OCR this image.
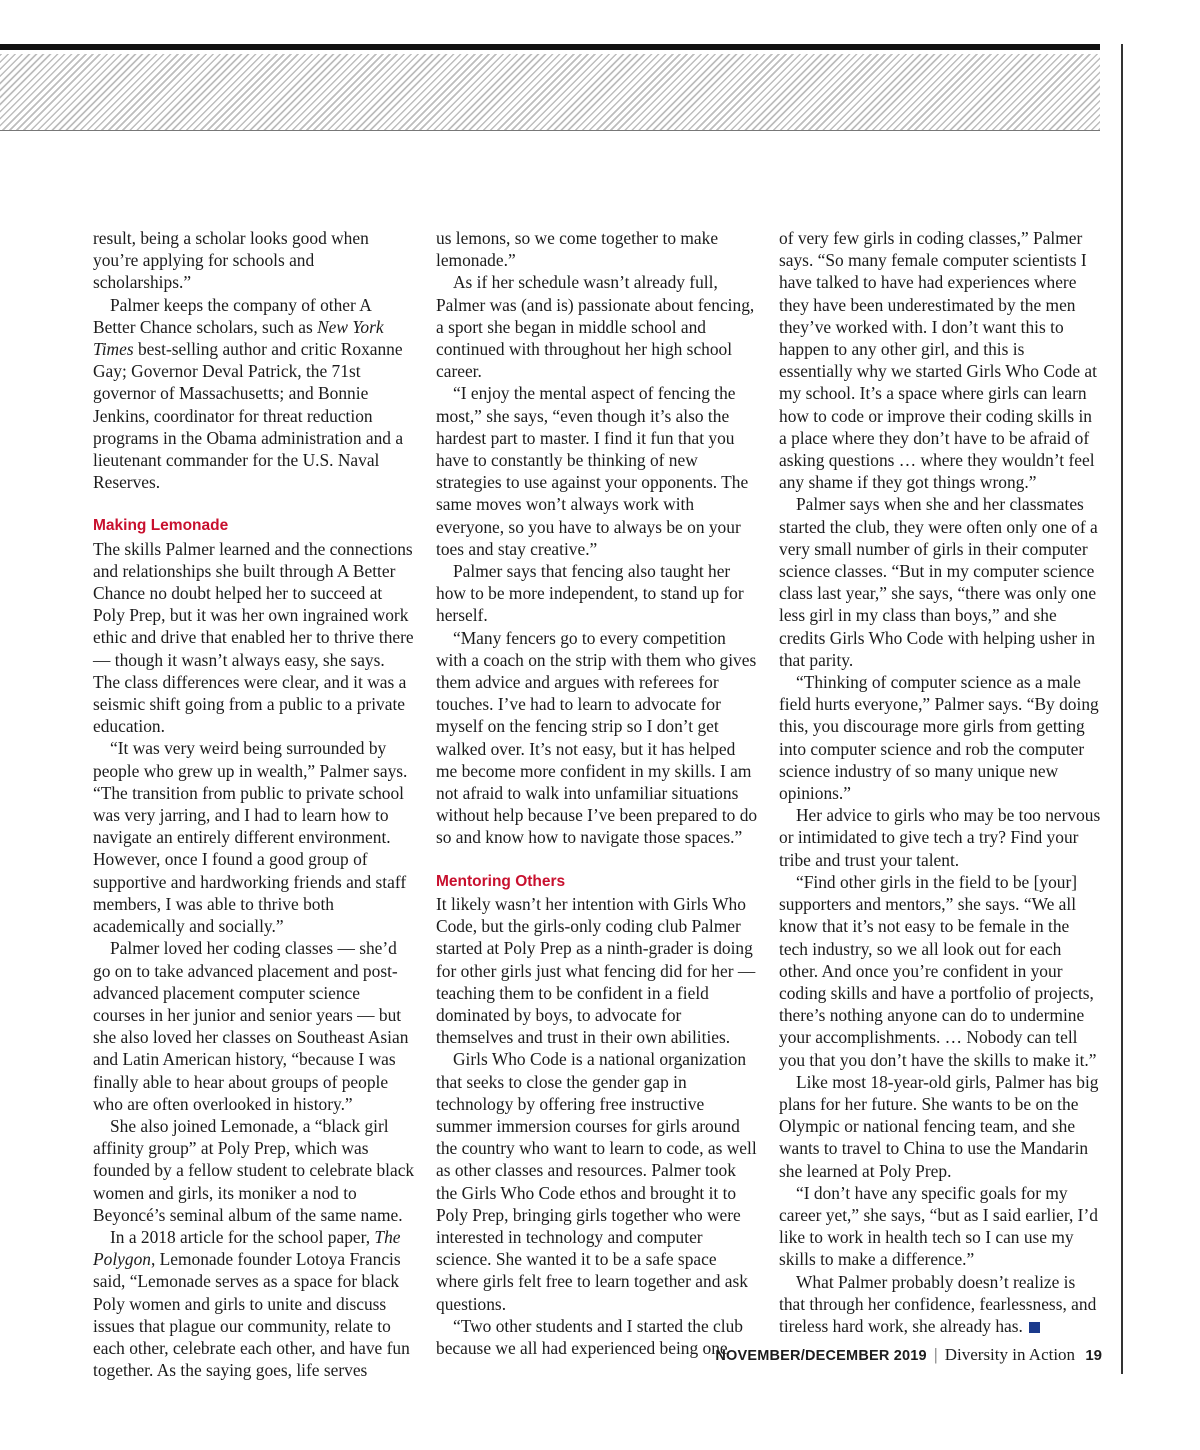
result, being a scholar looks good when you’re applying for schools and scholarships.”

Palmer keeps the company of other A Better Chance scholars, such as New York Times best-selling author and critic Roxanne Gay; Governor Deval Patrick, the 71st governor of Massachusetts; and Bonnie Jenkins, coordinator for threat reduction programs in the Obama administration and a lieutenant commander for the U.S. Naval Reserves.

Making Lemonade

The skills Palmer learned and the connections and relationships she built through A Better Chance no doubt helped her to succeed at Poly Prep, but it was her own ingrained work ethic and drive that enabled her to thrive there — though it wasn’t always easy, she says. The class differences were clear, and it was a seismic shift going from a public to a private education.

“It was very weird being surrounded by people who grew up in wealth,” Palmer says. “The transition from public to private school was very jarring, and I had to learn how to navigate an entirely different environment. However, once I found a good group of supportive and hardworking friends and staff members, I was able to thrive both academically and socially.”

Palmer loved her coding classes — she’d go on to take advanced placement and post-advanced placement computer science courses in her junior and senior years — but she also loved her classes on Southeast Asian and Latin American history, “because I was finally able to hear about groups of people who are often overlooked in history.”

She also joined Lemonade, a “black girl affinity group” at Poly Prep, which was founded by a fellow student to celebrate black women and girls, its moniker a nod to Beyoncé’s seminal album of the same name.

In a 2018 article for the school paper, The Polygon, Lemonade founder Lotoya Francis said, “Lemonade serves as a space for black Poly women and girls to unite and discuss issues that plague our community, relate to each other, celebrate each other, and have fun together. As the saying goes, life serves

us lemons, so we come together to make lemonade.”

As if her schedule wasn’t already full, Palmer was (and is) passionate about fencing, a sport she began in middle school and continued with throughout her high school career.

“I enjoy the mental aspect of fencing the most,” she says, “even though it’s also the hardest part to master. I find it fun that you have to constantly be thinking of new strategies to use against your opponents. The same moves won’t always work with everyone, so you have to always be on your toes and stay creative.”

Palmer says that fencing also taught her how to be more independent, to stand up for herself.

“Many fencers go to every competition with a coach on the strip with them who gives them advice and argues with referees for touches. I’ve had to learn to advocate for myself on the fencing strip so I don’t get walked over. It’s not easy, but it has helped me become more confident in my skills. I am not afraid to walk into unfamiliar situations without help because I’ve been prepared to do so and know how to navigate those spaces.”

Mentoring Others

It likely wasn’t her intention with Girls Who Code, but the girls-only coding club Palmer started at Poly Prep as a ninth-grader is doing for other girls just what fencing did for her — teaching them to be confident in a field dominated by boys, to advocate for themselves and trust in their own abilities.

Girls Who Code is a national organization that seeks to close the gender gap in technology by offering free instructive summer immersion courses for girls around the country who want to learn to code, as well as other classes and resources. Palmer took the Girls Who Code ethos and brought it to Poly Prep, bringing girls together who were interested in technology and computer science. She wanted it to be a safe space where girls felt free to learn together and ask questions.

“Two other students and I started the club because we all had experienced being one

of very few girls in coding classes,” Palmer says. “So many female computer scientists I have talked to have had experiences where they have been underestimated by the men they’ve worked with. I don’t want this to happen to any other girl, and this is essentially why we started Girls Who Code at my school. It’s a space where girls can learn how to code or improve their coding skills in a place where they don’t have to be afraid of asking questions … where they wouldn’t feel any shame if they got things wrong.”

Palmer says when she and her classmates started the club, they were often only one of a very small number of girls in their computer science classes. “But in my computer science class last year,” she says, “there was only one less girl in my class than boys,” and she credits Girls Who Code with helping usher in that parity.

“Thinking of computer science as a male field hurts everyone,” Palmer says. “By doing this, you discourage more girls from getting into computer science and rob the computer science industry of so many unique new opinions.”

Her advice to girls who may be too nervous or intimidated to give tech a try? Find your tribe and trust your talent.

“Find other girls in the field to be [your] supporters and mentors,” she says. “We all know that it’s not easy to be female in the tech industry, so we all look out for each other. And once you’re confident in your coding skills and have a portfolio of projects, there’s nothing anyone can do to undermine your accomplishments. … Nobody can tell you that you don’t have the skills to make it.”

Like most 18-year-old girls, Palmer has big plans for her future. She wants to be on the Olympic or national fencing team, and she wants to travel to China to use the Mandarin she learned at Poly Prep.

“I don’t have any specific goals for my career yet,” she says, “but as I said earlier, I’d like to work in health tech so I can use my skills to make a difference.”

What Palmer probably doesn’t realize is that through her confidence, fearlessness, and tireless hard work, she already has.

NOVEMBER/DECEMBER 2019 | Diversity in Action 19
